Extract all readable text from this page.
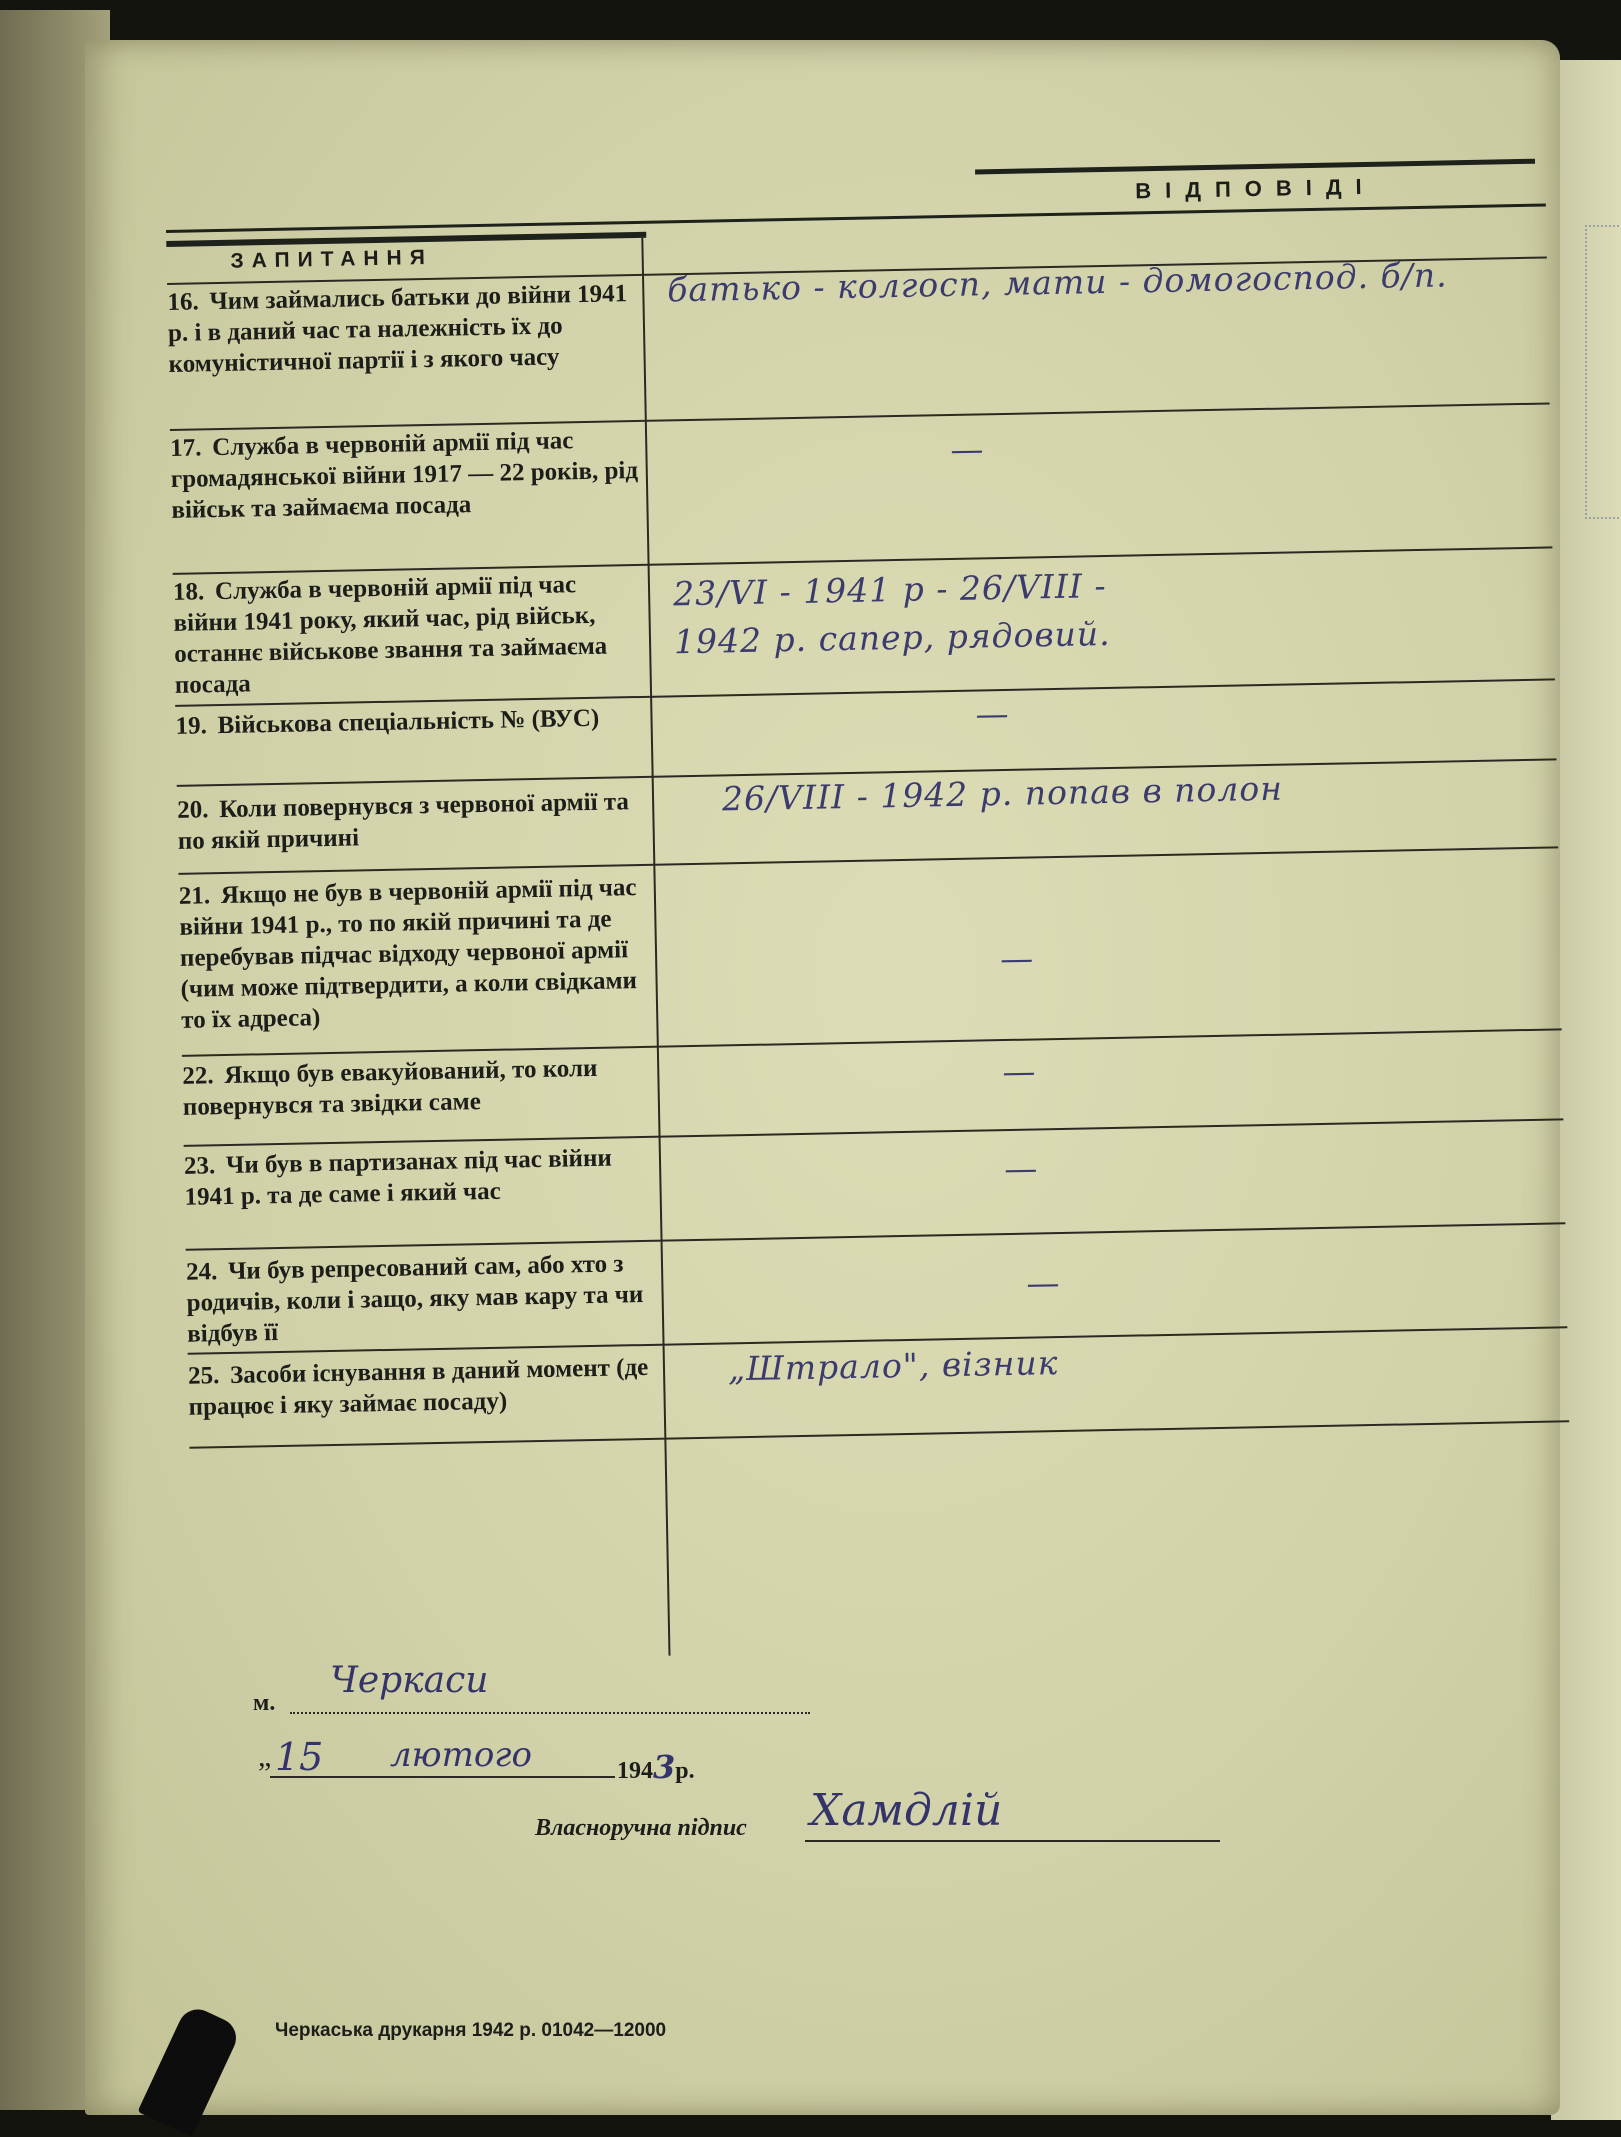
ВІДПОВІДІ
ЗАПИТАННЯ
16. Чим займались батьки до війни 1941 р. і в даний час та належність їх до комуністичної партії і з якого часу
батько - колгосп, мати - домогоспод. б/п.
17. Служба в червоній армії під час громадянської війни 1917 — 22 років, рід військ та займаєма посада
—
18. Служба в червоній армії під час війни 1941 року, який час, рід військ, останнє військове звання та займаєма посада
23/VI - 1941 р - 26/VIII - 1942 р. сапер, рядовий.
19. Військова спеціальність № (ВУС)	—
20. Коли повернувся з червоної армії та по якій причині
26/VIII - 1942 р. попав в полон
21. Якщо не був в червоній армії під час війни 1941 р., то по якій причині та де перебував підчас відходу червоної армії (чим може підтвердити, а коли свідками то їх адреса)
—
22. Якщо був евакуйований, то коли повернувся та звідки саме
—
23. Чи був в партизанах під час війни 1941 р. та де саме і який час
—
24. Чи був репресований сам, або хто з родичів, коли і защо, яку мав кару та чи відбув її
—
25. Засоби існування в даний момент (де працює і яку займає посаду)
„Штрало", візник
м.
Черкаси
„ 15 лютого	1943р.
Власноручна підпис Хамдлій
Черкаська друкарня 1942 р. 01042—12000
